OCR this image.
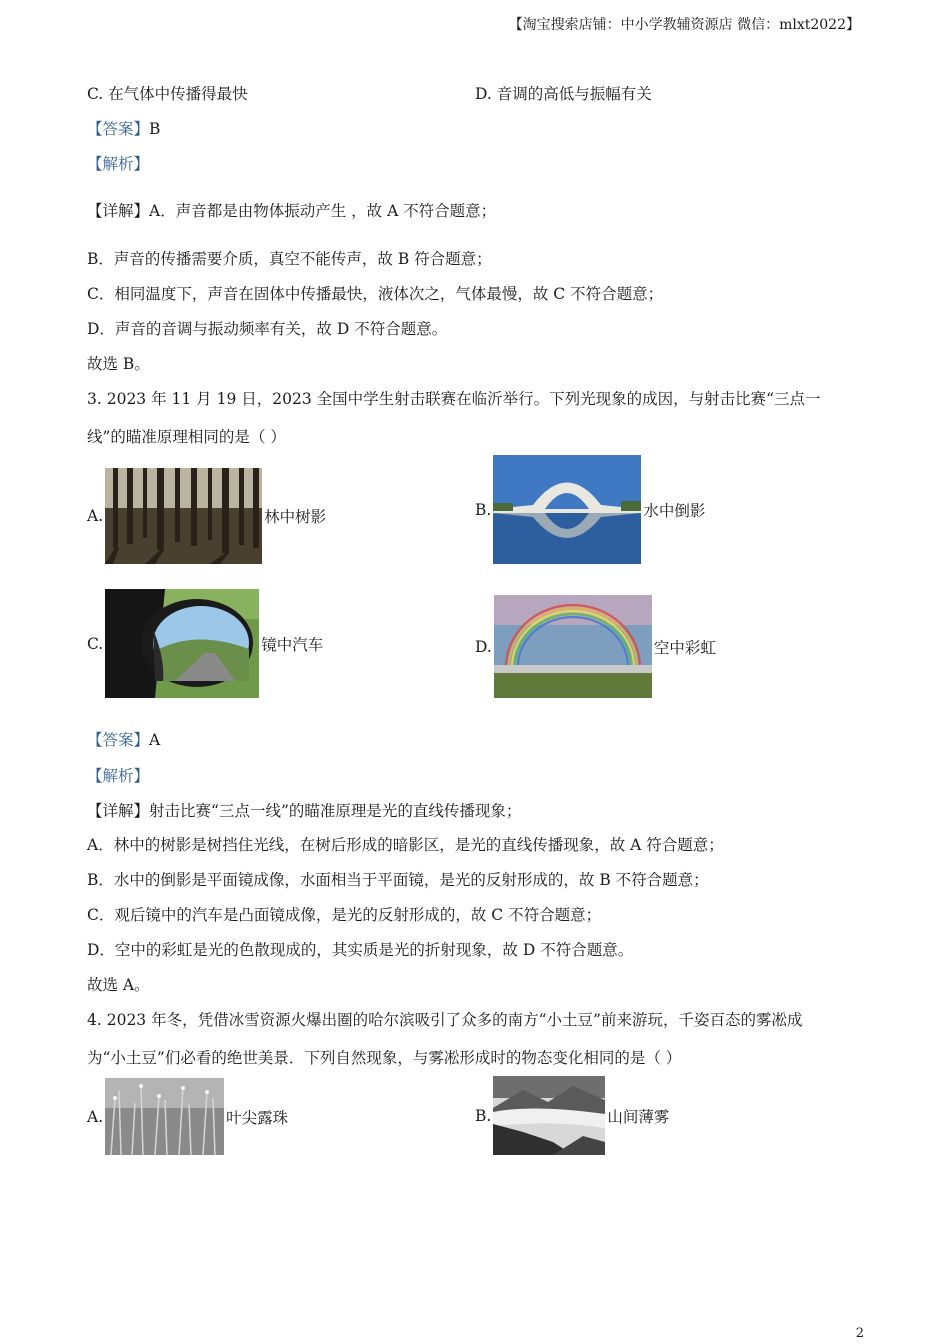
【淘宝搜索店铺：中小学教辅资源店 微信：mlxt2022】
C. 在气体中传播得最快	D. 音调的高低与振幅有关
【答案】B
【解析】
【详解】A．声音都是由物体振动产生 ，故 A 不符合题意；
B．声音的传播需要介质，真空不能传声，故 B 符合题意；
C．相同温度下，声音在固体中传播最快，液体次之，气体最慢，故 C 不符合题意；
D．声音的音调与振动频率有关，故 D 不符合题意。
故选 B。
3. 2023 年 11 月 19 日，2023 全国中学生射击联赛在临沂举行。下列光现象的成因，与射击比赛“三点一
线”的瞄准原理相同的是（ ）
A.	林中树影	B.	水中倒影
C.	镜中汽车	D.	空中彩虹
【答案】A
【解析】
【详解】射击比赛“三点一线”的瞄准原理是光的直线传播现象；
A．林中的树影是树挡住光线，在树后形成的暗影区，是光的直线传播现象，故 A 符合题意；
B．水中的倒影是平面镜成像，水面相当于平面镜，是光的反射形成的，故 B 不符合题意；
C．观后镜中的汽车是凸面镜成像，是光的反射形成的，故 C 不符合题意；
D．空中的彩虹是光的色散现成的，其实质是光的折射现象，故 D 不符合题意。
故选 A。
4. 2023 年冬，凭借冰雪资源火爆出圈的哈尔滨吸引了众多的南方“小土豆”前来游玩，千姿百态的雾凇成
为“小土豆”们必看的绝世美景．下列自然现象，与雾凇形成时的物态变化相同的是（ ）
A.	叶尖露珠	B.	山间薄雾
2
